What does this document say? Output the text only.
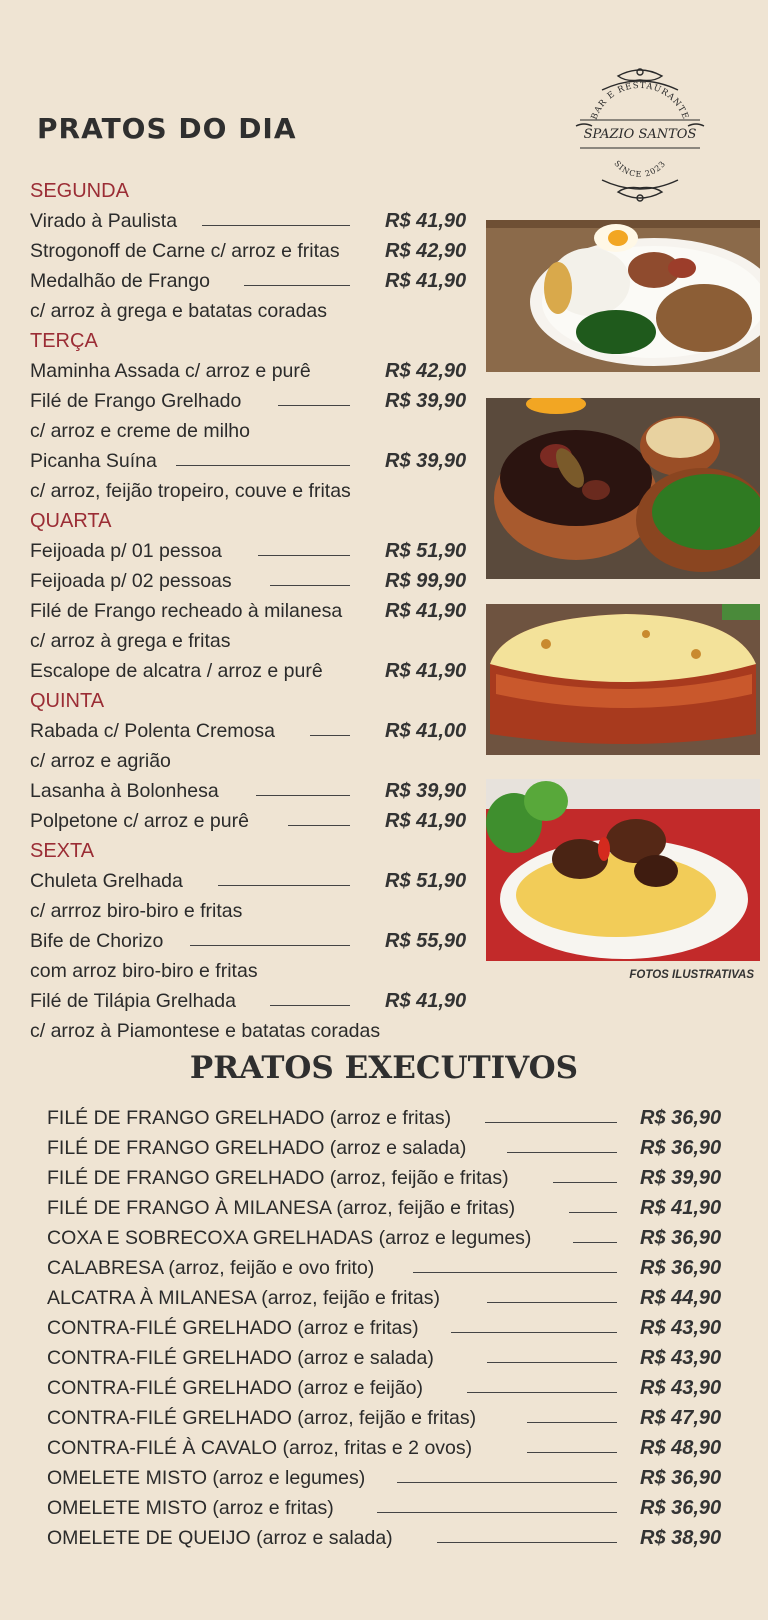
PRATOS DO DIA	BAR E RESTAURANTE
SPAZIO SANTOS
SINCE 2023
SEGUNDA
Virado à Paulista	R$ 41,90
Strogonoff de Carne c/ arroz e fritas R$ 42,90
Medalhão de Frango	R$ 41,90
c/ arroz à grega e batatas coradas
TERÇA
Maminha Assada c/ arroz e purê	R$ 42,90
Filé de Frango Grelhado	R$ 39,90
c/ arroz e creme de milho
Picanha Suína	R$ 39,90
c/ arroz, feijão tropeiro, couve e fritas
QUARTA
Feijoada p/ 01 pessoa	R$ 51,90
Feijoada p/ 02 pessoas	R$ 99,90
Filé de Frango recheado à milanesa R$ 41,90
c/ arroz à grega e fritas
Escalope de alcatra / arroz e purê	R$ 41,90
QUINTA
Rabada c/ Polenta Cremosa	R$ 41,00
c/ arroz e agrião
Lasanha à Bolonhesa	R$ 39,90
Polpetone c/ arroz e purê	R$ 41,90
SEXTA
Chuleta Grelhada	R$ 51,90
c/ arrroz biro-biro e fritas
Bife de Chorizo	R$ 55,90
com arroz biro-biro e fritas
Filé de Tilápia Grelhada	R$ 41,90
c/ arroz à Piamontese e batatas coradas
FOTOS ILUSTRATIVAS
PRATOS EXECUTIVOS
FILÉ DE FRANGO GRELHADO (arroz e fritas)	R$ 36,90
FILÉ DE FRANGO GRELHADO (arroz e salada)	R$ 36,90
FILÉ DE FRANGO GRELHADO (arroz, feijão e fritas)	R$ 39,90
FILÉ DE FRANGO À MILANESA (arroz, feijão e fritas)	R$ 41,90
COXA E SOBRECOXA GRELHADAS (arroz e legumes)	R$ 36,90
CALABRESA (arroz, feijão e ovo frito)	R$ 36,90
ALCATRA À MILANESA (arroz, feijão e fritas)	R$ 44,90
CONTRA-FILÉ GRELHADO (arroz e fritas)	R$ 43,90
CONTRA-FILÉ GRELHADO (arroz e salada)	R$ 43,90
CONTRA-FILÉ GRELHADO (arroz e feijão)	R$ 43,90
CONTRA-FILÉ GRELHADO (arroz, feijão e fritas)	R$ 47,90
CONTRA-FILÉ À CAVALO (arroz, fritas e 2 ovos)	R$ 48,90
OMELETE MISTO (arroz e legumes)	R$ 36,90
OMELETE MISTO (arroz e fritas)	R$ 36,90
OMELETE DE QUEIJO (arroz e salada)	R$ 38,90
